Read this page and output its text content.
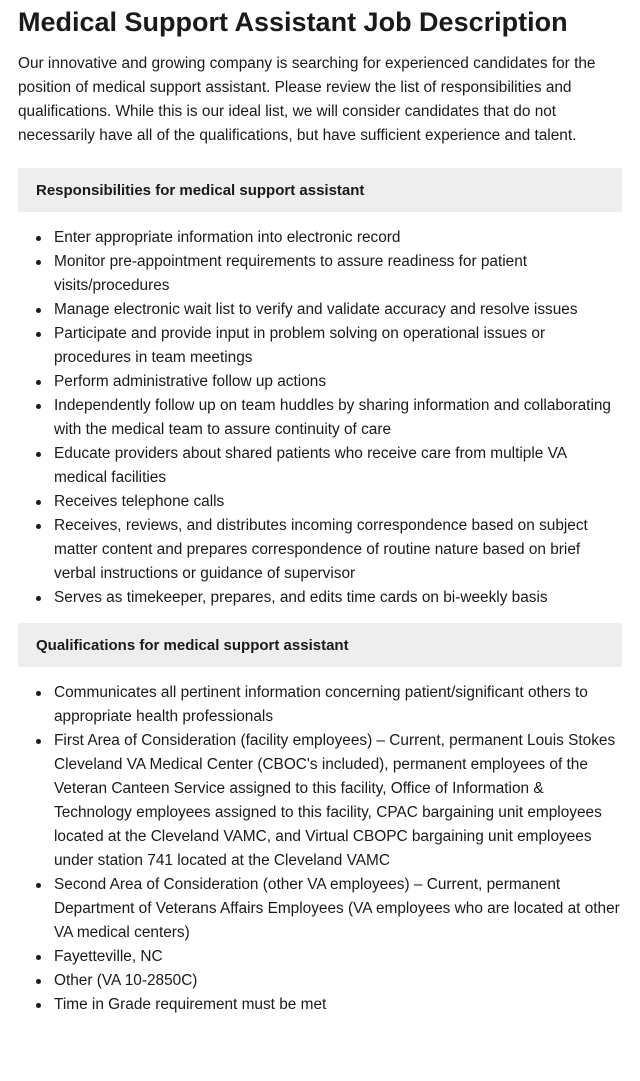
Medical Support Assistant Job Description

Our innovative and growing company is searching for experienced candidates for the position of medical support assistant. Please review the list of responsibilities and qualifications. While this is our ideal list, we will consider candidates that do not necessarily have all of the qualifications, but have sufficient experience and talent.

Responsibilities for medical support assistant
Enter appropriate information into electronic record
Monitor pre-appointment requirements to assure readiness for patient visits/procedures
Manage electronic wait list to verify and validate accuracy and resolve issues
Participate and provide input in problem solving on operational issues or procedures in team meetings
Perform administrative follow up actions
Independently follow up on team huddles by sharing information and collaborating with the medical team to assure continuity of care
Educate providers about shared patients who receive care from multiple VA medical facilities
Receives telephone calls
Receives, reviews, and distributes incoming correspondence based on subject matter content and prepares correspondence of routine nature based on brief verbal instructions or guidance of supervisor
Serves as timekeeper, prepares, and edits time cards on bi-weekly basis
Qualifications for medical support assistant
Communicates all pertinent information concerning patient/significant others to appropriate health professionals
First Area of Consideration (facility employees) – Current, permanent Louis Stokes Cleveland VA Medical Center (CBOC's included), permanent employees of the Veteran Canteen Service assigned to this facility, Office of Information & Technology employees assigned to this facility, CPAC bargaining unit employees located at the Cleveland VAMC, and Virtual CBOPC bargaining unit employees under station 741 located at the Cleveland VAMC
Second Area of Consideration (other VA employees) – Current, permanent Department of Veterans Affairs Employees (VA employees who are located at other VA medical centers)
Fayetteville, NC
Other (VA 10-2850C)
Time in Grade requirement must be met
